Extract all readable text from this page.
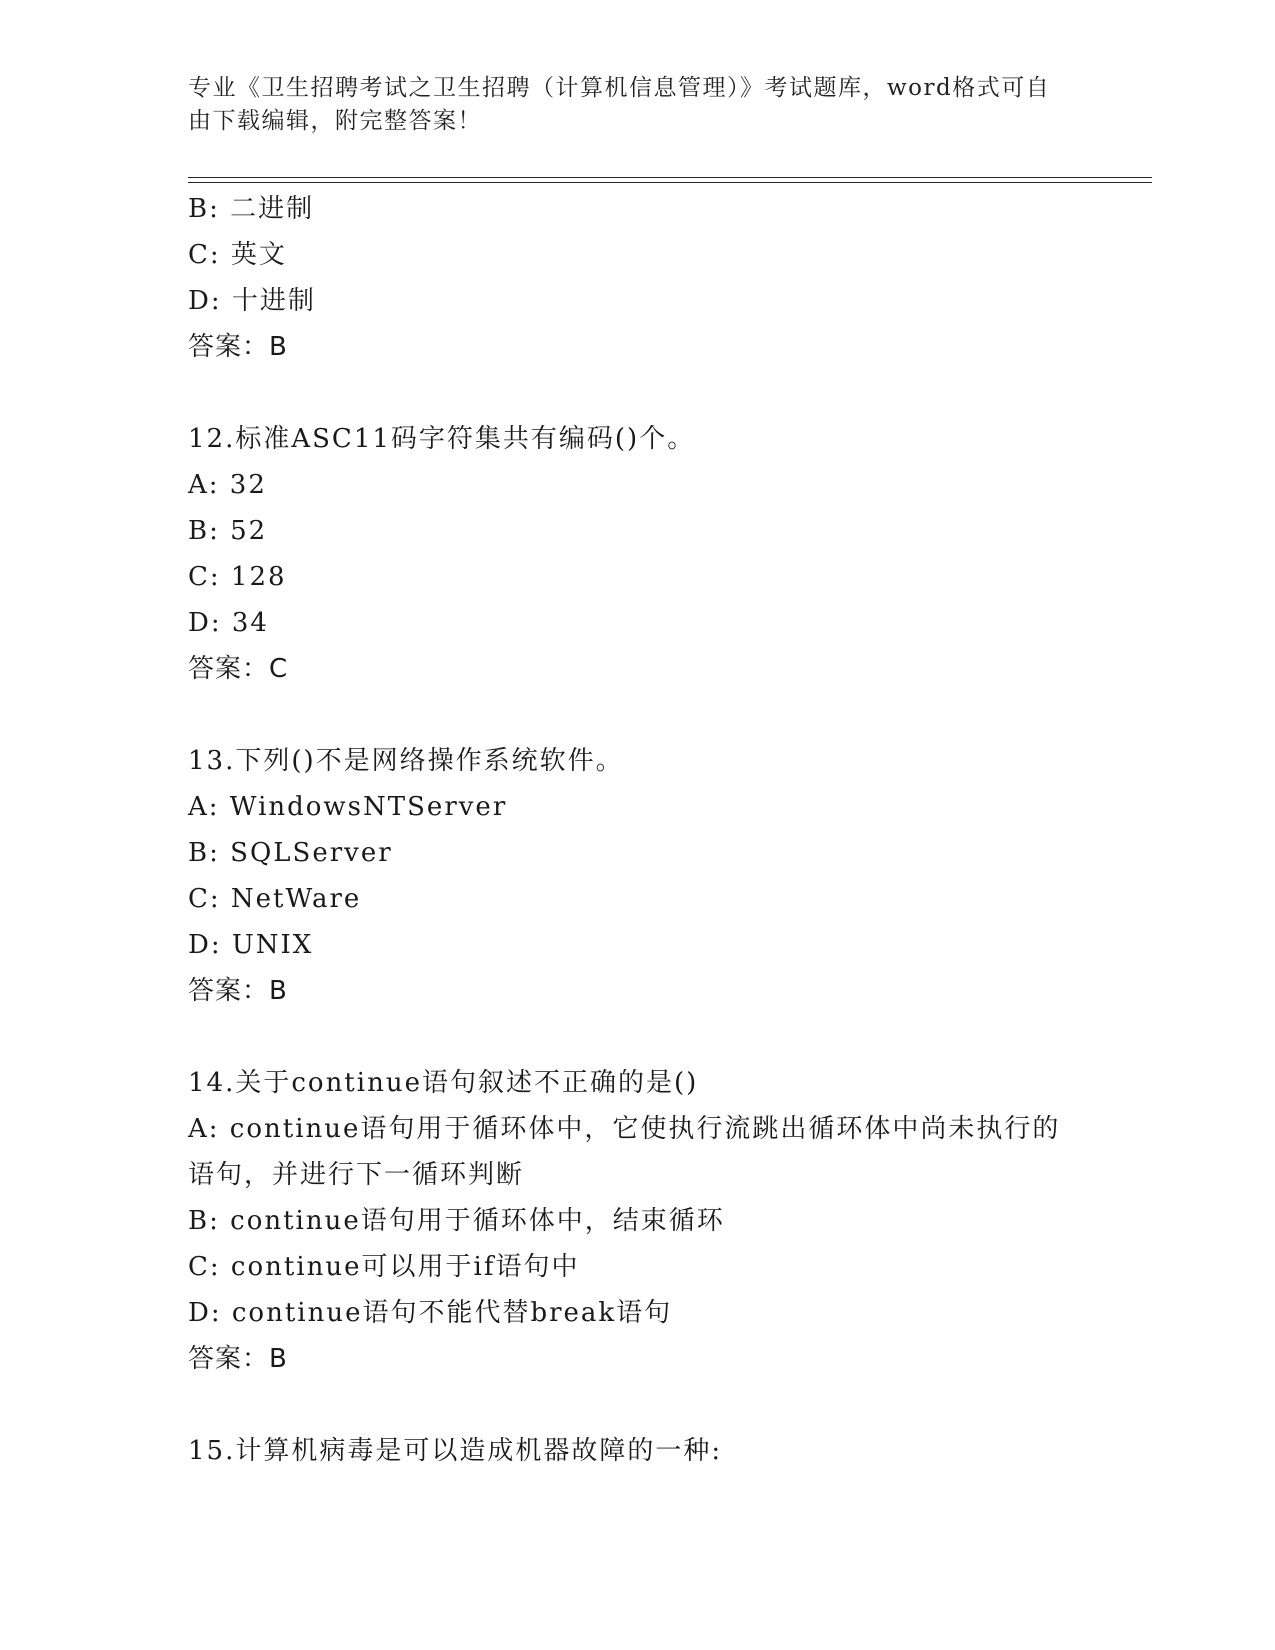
专业《卫生招聘考试之卫生招聘（计算机信息管理）》考试题库，word格式可自由下载编辑，附完整答案！
B: 二进制
C: 英文
D: 十进制
答案：B
12.标准ASC11码字符集共有编码()个。
A: 32
B: 52
C: 128
D: 34
答案：C
13.下列()不是网络操作系统软件。
A: WindowsNTServer
B: SQLServer
C: NetWare
D: UNIX
答案：B
14.关于continue语句叙述不正确的是()
A: continue语句用于循环体中，它使执行流跳出循环体中尚未执行的
语句，并进行下一循环判断
B: continue语句用于循环体中，结束循环
C: continue可以用于if语句中
D: continue语句不能代替break语句
答案：B
15.计算机病毒是可以造成机器故障的一种:
